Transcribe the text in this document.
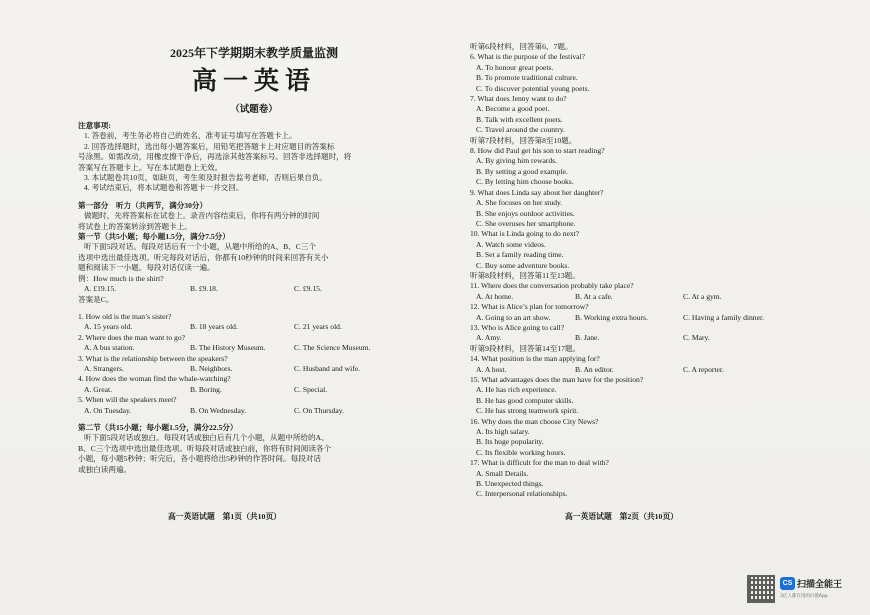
2025年下学期期末教学质量监测
高一英语
（试题卷）
注意事项:
1. 答卷前，考生务必将自己的姓名、准考证号填写在答题卡上。
2. 回答选择题时，选出每小题答案后，用铅笔把答题卡上对应题目的答案标
号涂黑。如需改动，用橡皮擦干净后，再选涂其他答案标号。回答非选择题时，将
答案写在答题卡上。写在本试题卷上无效。
3. 本试题卷共10页，如缺页，考生须及时报告监考老师，否则后果自负。
4. 考试结束后，将本试题卷和答题卡一并交回。
第一部分　听力（共两节，满分30分）
做题时，先将答案标在试卷上。录音内容结束后，你将有两分钟的时间
将试卷上的答案转涂到答题卡上。
第一节（共5小题；每小题1.5分，满分7.5分）
听下面5段对话。每段对话后有一个小题，从题中所给的A、B、C三个
选项中选出最佳选项。听完每段对话后，你都有10秒钟的时间来回答有关小
题和阅读下一小题。每段对话仅读一遍。
例：How much is the shirt?
A. £19.15.	B. £9.18.	C. £9.15.
答案是C。
1. How old is the man’s sister?
A. 15 years old.	B. 18 years old.	C. 21 years old.
2. Where does the man want to go?
A. A bus station.	B. The History Museum.	C. The Science Museum.
3. What is the relationship between the speakers?
A. Strangers.	B. Neighbors.	C. Husband and wife.
4. How does the woman find the whale-watching?
A. Great.	B. Boring.	C. Special.
5. When will the speakers meet?
A. On Tuesday.	B. On Wednesday.	C. On Thursday.
第二节（共15小题；每小题1.5分，满分22.5分）
听下面5段对话或独白。每段对话或独白后有几个小题，从题中所给的A、
B、C三个选项中选出最佳选项。听每段对话或独白前，你将有时间阅读各个
小题，每小题5秒钟；听完后，各小题将给出5秒钟的作答时间。每段对话
或独白读两遍。
高一英语试题　第1页（共10页）
听第6段材料，回答第6、7题。
6. What is the purpose of the festival?
A. To honour great poets.
B. To promote traditional culture.
C. To discover potential young poets.
7. What does Jenny want to do?
A. Become a good poet.
B. Talk with excellent poets.
C. Travel around the country.
听第7段材料，回答第8至10题。
8. How did Paul get his son to start reading?
A. By giving him rewards.
B. By setting a good example.
C. By letting him choose books.
9. What does Linda say about her daughter?
A. She focuses on her study.
B. She enjoys outdoor activities.
C. She overuses her smartphone.
10. What is Linda going to do next?
A. Watch some videos.
B. Set a family reading time.
C. Buy some adventure books.
听第8段材料，回答第11至13题。
11. Where does the conversation probably take place?
A. At home.	B. At a cafe.	C. At a gym.
12. What is Alice’s plan for tomorrow?
A. Going to an art show.	B. Working extra hours.	C. Having a family dinner.
13. Who is Alice going to call?
A. Amy.	B. Jane.	C. Mary.
听第9段材料，回答第14至17题。
14. What position is the man applying for?
A. A host.	B. An editor.	C. A reporter.
15. What advantages does the man have for the position?
A. He has rich experience.
B. He has good computer skills.
C. He has strong teamwork spirit.
16. Why does the man choose City News?
A. Its high salary.
B. Its huge popularity.
C. Its flexible working hours.
17. What is difficult for the man to deal with?
A. Small Details.
B. Unexpected things.
C. Interpersonal relationships.
高一英语试题　第2页（共10页）
CS 扫描全能王
3亿人都在用的扫描App
